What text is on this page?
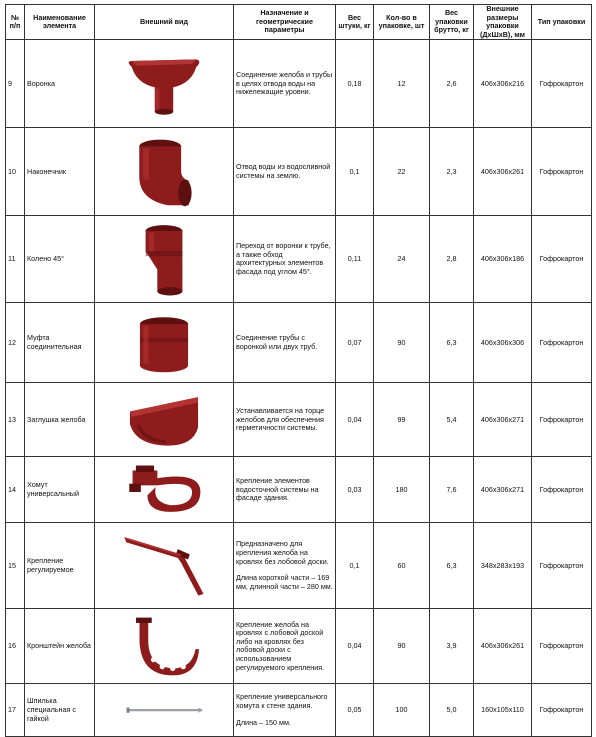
№ п/п	Наименование элемента	Внешний вид	Назначение и геометрические параметры	Вес штуки, кг	Кол-во в упаковке, шт	Вес упаковки брутто, кг	Внешние размеры упаковки (ДхШхВ), мм	Тип упаковки
9	Воронка		Соединение желоба и трубы в целях отвода воды на нижележащие уровни.	0,18	12	2,6	406x306x216	Гофрокартон
10	Наконечник		Отвод воды из водосливной системы на землю.	0,1	22	2,3	406x306x261	Гофрокартон
11	Колено 45°		Переход от воронки к трубе, а также обход архитектурных элементов фасада под углом 45°.	0,11	24	2,8	406x306x186	Гофрокартон
12	Муфта соединительная		Соединение трубы с воронкой или двух труб.	0,07	90	6,3	406x306x306	Гофрокартон
13	Заглушка желоба		Устанавливается на торце желобов для обеспечения герметичности системы.	0,04	99	5,4	406x306x271	Гофрокартон
14	Хомут универсальный		Крепление элементов водосточной системы на фасаде здания.	0,03	180	7,6	406x306x271	Гофрокартон
15	Крепление регулируемое		Предназначено для крепления желоба на кровлях без лобовой доски.
Длина короткой части – 169 мм, длинной части – 280 мм.	0,1	60	6,3	348x283x193	Гофрокартон
16	Кронштейн желоба		Крепление желоба на кровлях с лобовой доской либо на кровлях без лобовой доски с использованием регулируемого крепления.	0,04	90	3,9	406x306x261	Гофрокартон
17	Шпилька специальная с гайкой		Крепление универсального хомута к стене здания.
Длина – 150 мм.	0,05	100	5,0	160x105x110	Гофрокартон
